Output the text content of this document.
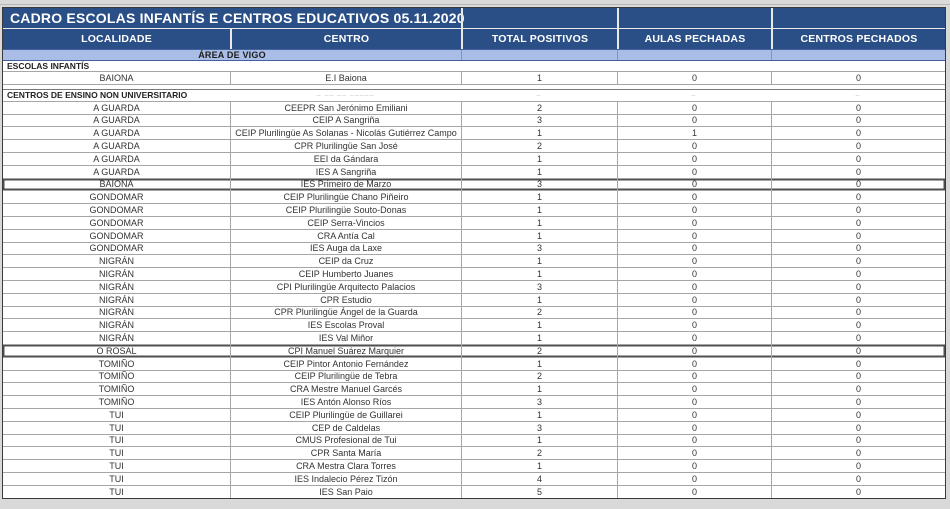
CADRO ESCOLAS INFANTÍS E CENTROS EDUCATIVOS 05.11.2020
LOCALIDADE	CENTRO	TOTAL POSITIVOS	AULAS PECHADAS	CENTROS PECHADOS
ÁREA DE VIGO
ESCOLAS INFANTÍS
BAIONA	E.I Baiona	1	0	0
CENTROS DE ENSINO NON UNIVERSITARIO	– –– –– –––––	–	–	–
A GUARDA	CEEPR San Jerónimo Emiliani	2	0	0
A GUARDA	CEIP A Sangriña	3	0	0
A GUARDA	CEIP Plurilingüe As Solanas - Nicolás Gutiérrez Campo	1	1	0
A GUARDA	CPR Plurilingüe San José	2	0	0
A GUARDA	EEI da Gándara	1	0	0
A GUARDA	IES A Sangriña	1	0	0
BAIONA	IES Primeiro de Marzo	3	0	0
GONDOMAR	CEIP Plurilingüe Chano Piñeiro	1	0	0
GONDOMAR	CEIP Plurilingüe Souto-Donas	1	0	0
GONDOMAR	CEIP Serra-Vincios	1	0	0
GONDOMAR	CRA Antía Cal	1	0	0
GONDOMAR	IES Auga da Laxe	3	0	0
NIGRÁN	CEIP da Cruz	1	0	0
NIGRÁN	CEIP Humberto Juanes	1	0	0
NIGRÁN	CPI Plurilingüe Arquitecto Palacios	3	0	0
NIGRÁN	CPR Estudio	1	0	0
NIGRÁN	CPR Plurilingüe Ángel de la Guarda	2	0	0
NIGRÁN	IES Escolas Proval	1	0	0
NIGRÁN	IES Val Miñor	1	0	0
O ROSAL	CPI Manuel Suárez Marquier	2	0	0
TOMIÑO	CEIP Pintor Antonio Fernández	1	0	0
TOMIÑO	CEIP Plurilingüe de Tebra	2	0	0
TOMIÑO	CRA Mestre Manuel Garcés	1	0	0
TOMIÑO	IES Antón Alonso Ríos	3	0	0
TUI	CEIP Plurilingüe de Guillarei	1	0	0
TUI	CEP de Caldelas	3	0	0
TUI	CMUS Profesional de Tui	1	0	0
TUI	CPR Santa María	2	0	0
TUI	CRA Mestra Clara Torres	1	0	0
TUI	IES Indalecio Pérez Tizón	4	0	0
TUI	IES San Paio	5	0	0
